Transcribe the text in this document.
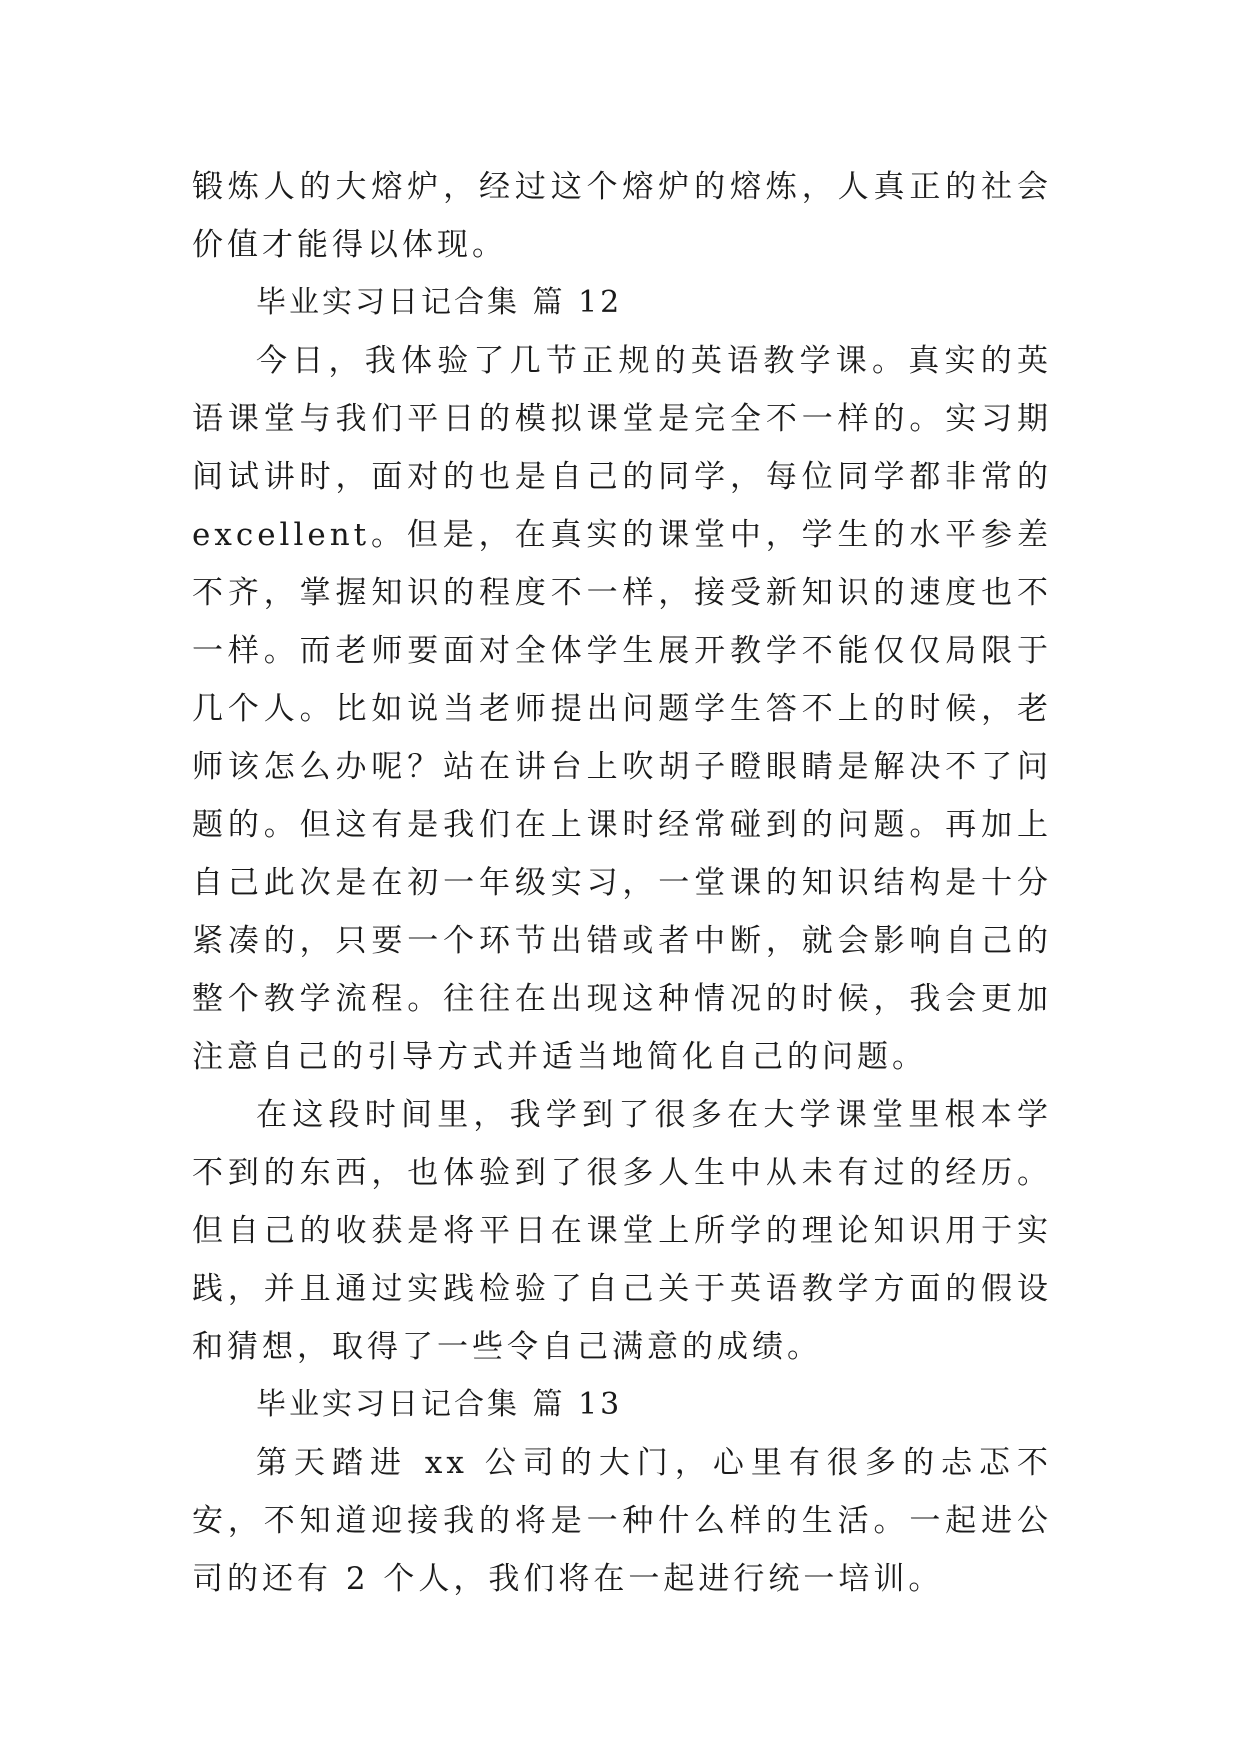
锻炼人的大熔炉，经过这个熔炉的熔炼，人真正的社会价值才能得以体现。

毕业实习日记合集 篇 12

今日，我体验了几节正规的英语教学课。真实的英语课堂与我们平日的模拟课堂是完全不一样的。实习期间试讲时，面对的也是自己的同学，每位同学都非常的 excellent。但是，在真实的课堂中，学生的水平参差不齐，掌握知识的程度不一样，接受新知识的速度也不一样。而老师要面对全体学生展开教学不能仅仅局限于几个人。比如说当老师提出问题学生答不上的时候，老师该怎么办呢？站在讲台上吹胡子瞪眼睛是解决不了问题的。但这有是我们在上课时经常碰到的问题。再加上自己此次是在初一年级实习，一堂课的知识结构是十分紧凑的，只要一个环节出错或者中断，就会影响自己的整个教学流程。往往在出现这种情况的时候，我会更加注意自己的引导方式并适当地简化自己的问题。

在这段时间里，我学到了很多在大学课堂里根本学不到的东西，也体验到了很多人生中从未有过的经历。但自己的收获是将平日在课堂上所学的理论知识用于实践，并且通过实践检验了自己关于英语教学方面的假设和猜想，取得了一些令自己满意的成绩。

毕业实习日记合集 篇 13

第天踏进 xx 公司的大门，心里有很多的忐忑不安，不知道迎接我的将是一种什么样的生活。一起进公司的还有 2 个人，我们将在一起进行统一培训。
